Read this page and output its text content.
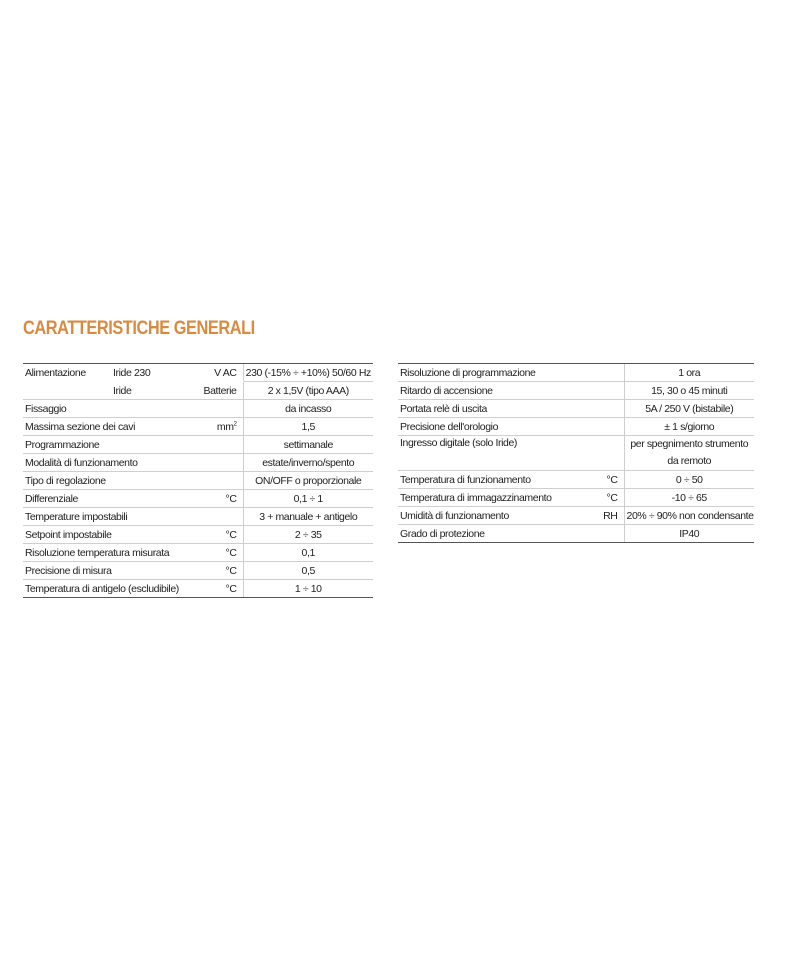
CARATTERISTICHE GENERALI
Alimentazione	Iride 230	V AC	230 (-15% ÷ +10%) 50/60 Hz
	Iride	Batterie	2 x 1,5V (tipo AAA)
Fissaggio			da incasso
Massima sezione dei cavi		$mm^2$	1,5
Programmazione			settimanale
Modalità di funzionamento			estate/inverno/spento
Tipo di regolazione			ON/OFF o proporzionale
Differenziale		°C	0,1 ÷ 1
Temperature impostabili			3 + manuale + antigelo
Setpoint impostabile		°C	2 ÷ 35
Risoluzione temperatura misurata		°C	0,1
Precisione di misura		°C	0,5
Temperatura di antigelo (escludibile)		°C	1 ÷ 10
Risoluzione di programmazione		1 ora
Ritardo di accensione		15, 30 o 45 minuti
Portata relè di uscita		5A / 250 V (bistabile)
Precisione dell'orologio		± 1 s/giorno
Ingresso digitale (solo Iride)		per spegnimento strumento da remoto
Temperatura di funzionamento	°C	0 ÷ 50
Temperatura di immagazzinamento	°C	-10 ÷ 65
Umidità di funzionamento	RH	20% ÷ 90% non condensante
Grado di protezione		IP40
